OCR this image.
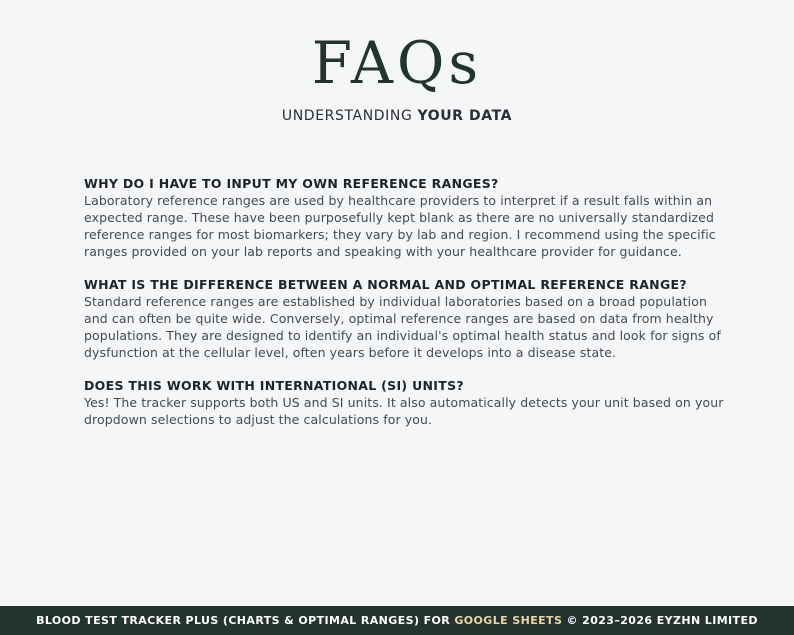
FAQs
UNDERSTANDING YOUR DATA
WHY DO I HAVE TO INPUT MY OWN REFERENCE RANGES?
Laboratory reference ranges are used by healthcare providers to interpret if a result falls within an expected range. These have been purposefully kept blank as there are no universally standardized reference ranges for most biomarkers; they vary by lab and region. I recommend using the specific ranges provided on your lab reports and speaking with your healthcare provider for guidance.
WHAT IS THE DIFFERENCE BETWEEN A NORMAL AND OPTIMAL REFERENCE RANGE?
Standard reference ranges are established by individual laboratories based on a broad population and can often be quite wide. Conversely, optimal reference ranges are based on data from healthy populations. They are designed to identify an individual's optimal health status and look for signs of dysfunction at the cellular level, often years before it develops into a disease state.
DOES THIS WORK WITH INTERNATIONAL (SI) UNITS?
Yes! The tracker supports both US and SI units. It also automatically detects your unit based on your dropdown selections to adjust the calculations for you.
BLOOD TEST TRACKER PLUS (CHARTS & OPTIMAL RANGES) FOR GOOGLE SHEETS © 2023–2026 EYZHN LIMITED
